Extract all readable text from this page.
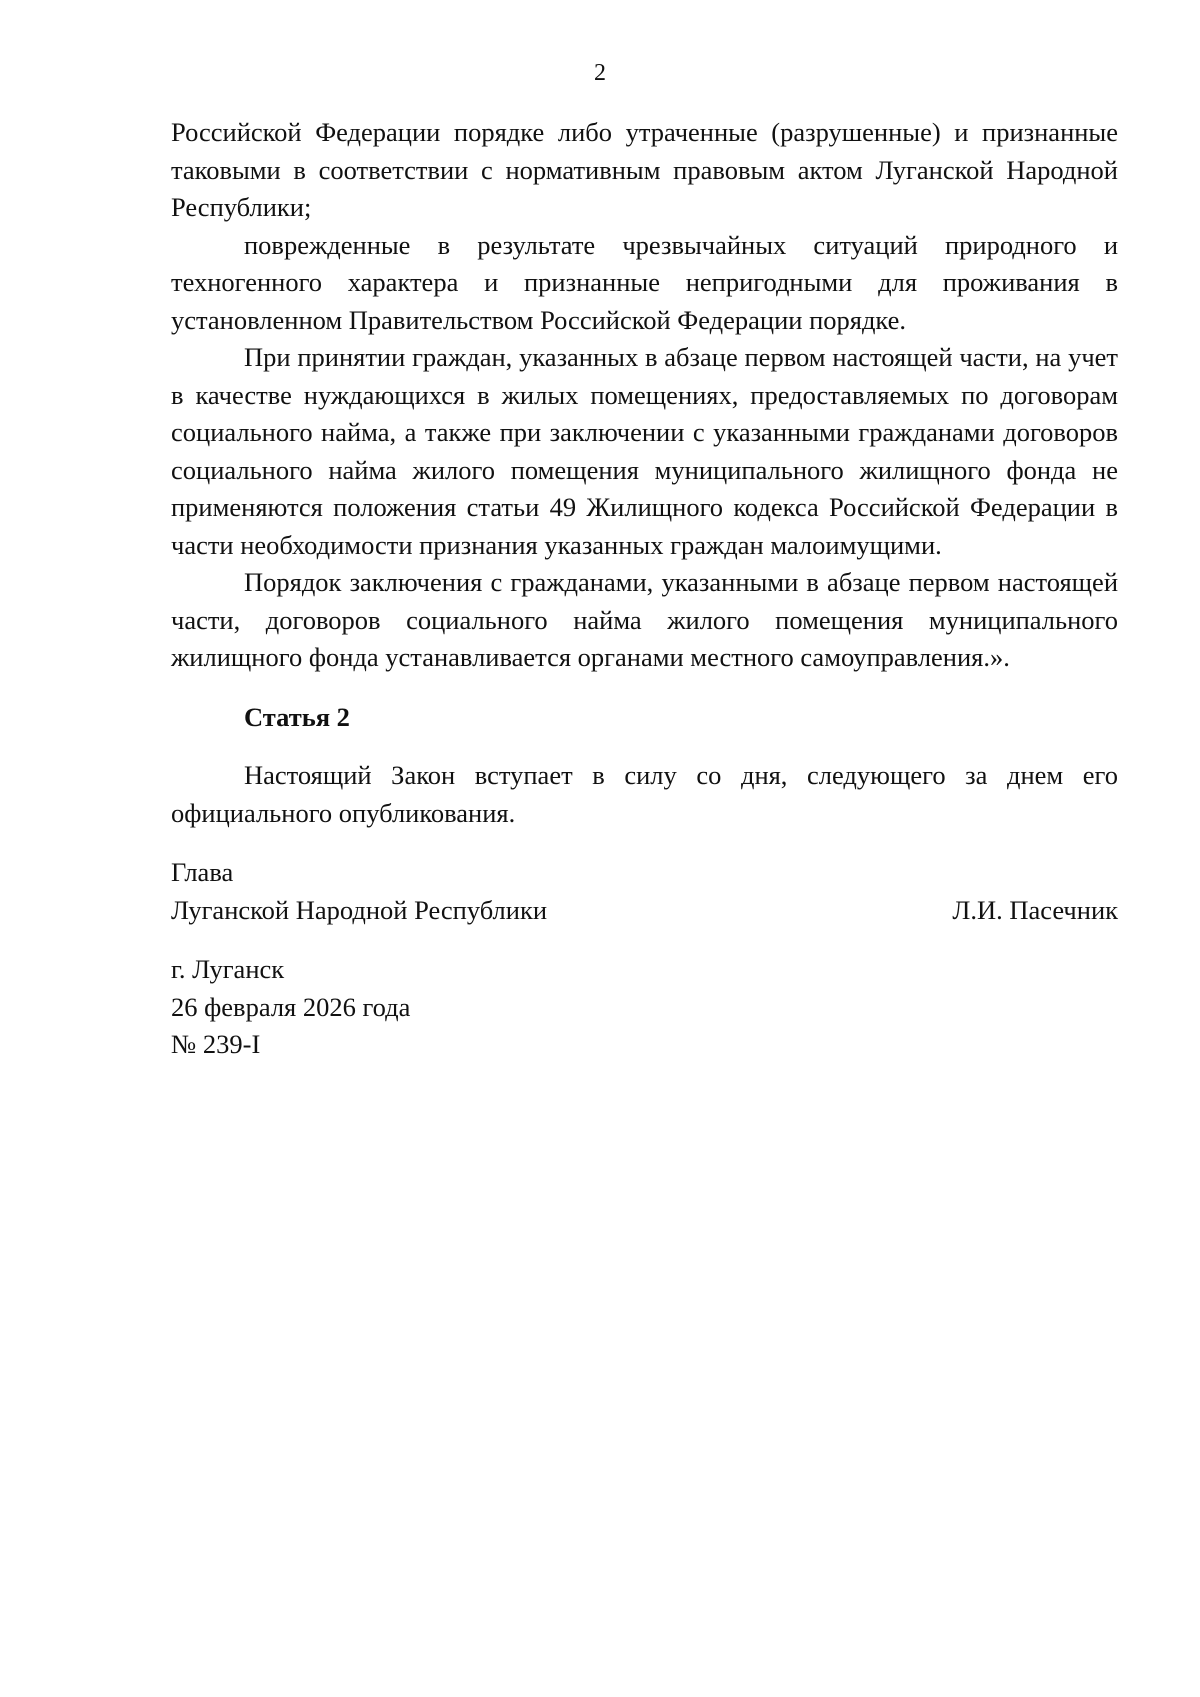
2

Российской Федерации порядке либо утраченные (разрушенные) и признанные таковыми в соответствии с нормативным правовым актом Луганской Народной Республики;

поврежденные в результате чрезвычайных ситуаций природного и техногенного характера и признанные непригодными для проживания в установленном Правительством Российской Федерации порядке.

При принятии граждан, указанных в абзаце первом настоящей части, на учет в качестве нуждающихся в жилых помещениях, предоставляемых по договорам социального найма, а также при заключении с указанными гражданами договоров социального найма жилого помещения муниципального жилищного фонда не применяются положения статьи 49 Жилищного кодекса Российской Федерации в части необходимости признания указанных граждан малоимущими.

Порядок заключения с гражданами, указанными в абзаце первом настоящей части, договоров социального найма жилого помещения муниципального жилищного фонда устанавливается органами местного самоуправления.».

Статья 2

Настоящий Закон вступает в силу со дня, следующего за днем его официального опубликования.

Глава
Луганской Народной Республики	Л.И. Пасечник
г. Луганск
26 февраля 2026 года
№ 239-I
